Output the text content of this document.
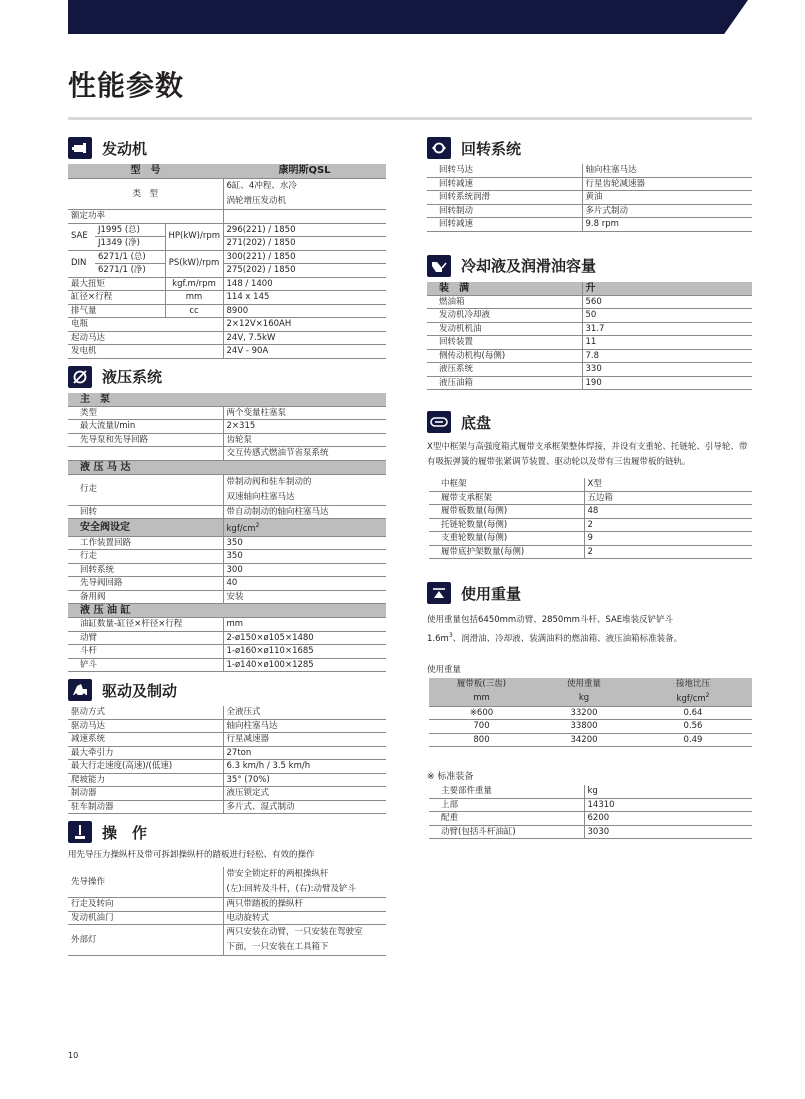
性能参数
发动机
型　号			康明斯QSL
类　型			6缸、4冲程、水冷
涡轮增压发动机

额定功率			
SAE	J1995 (总)	HP(kW)/rpm	296(221) / 1850
	J1349 (净)		271(202) / 1850
DIN	6271/1 (总)	PS(kW)/rpm	300(221) / 1850
	6271/1 (净)		275(202) / 1850
最大扭矩		kgf.m/rpm	148 / 1400
缸径×行程		mm	114 x 145
排气量		cc	8900
电瓶			2×12V×160AH
起动马达			24V, 7.5kW
发电机			24V - 90A
液压系统
主　泵	
类型	两个变量柱塞泵
最大流量l/min	2×315
先导泵和先导回路	齿轮泵
	交互传感式燃油节省泵系统
液 压 马 达	
行走	带制动阀和驻车制动的
双速轴向柱塞马达

回转	带自动制动的轴向柱塞马达
安全阀设定	kgf/$cm^2$
工作装置回路	350
行走	350
回转系统	300
先导阀回路	40
备用阀	安装
液 压 油 缸	
油缸数量-缸径×杆径×行程	mm
动臂	2-ø150×ø105×1480
斗杆	1-ø160×ø110×1685
铲斗	1-ø140×ø100×1285
驱动及制动
驱动方式	全液压式
驱动马达	轴向柱塞马达
减速系统	行星减速器
最大牵引力	27ton
最大行走速度(高速)/(低速)	6.3 km/h / 3.5 km/h
爬坡能力	35° (70%)
制动器	液压锁定式
驻车制动器	多片式、湿式制动
操　作
用先导压力操纵杆及带可拆卸操纵杆的踏板进行轻松、有效的操作
先导操作	带安全锁定杆的两根操纵杆
(左):回转及斗杆，(右):动臂及铲斗

行走及转向	两只带踏板的操纵杆
发动机油门	电动旋转式
外部灯	两只安装在动臂，一只安装在驾驶室
下面，一只安装在工具箱下
回转系统
回转马达	轴向柱塞马达
回转减速	行星齿轮减速器
回转系统润滑	黄油
回转制动	多片式制动
回转减速	9.8 rpm
冷却液及润滑油容量
装　满	升
燃油箱	560
发动机冷却液	50
发动机机油	31.7
回转装置	11
侧传动机构(每侧)	7.8
液压系统	330
液压油箱	190
底盘

X型中框架与高强度箱式履带支承框架整体焊接，并设有支重轮、托链轮、引导轮、带有吸振弹簧的履带张紧调节装置、驱动轮以及带有三齿履带板的链轨。

中框架	X型
履带支承框架	五边箱
履带板数量(每侧)	48
托链轮数量(每侧)	2
支重轮数量(每侧)	9
履带底护架数量(每侧)	2
使用重量
使用重量包括6450mm动臂、2850mm斗杆、SAE堆装反铲铲斗
$1.6m^3$、润滑油、冷却液、装满油料的燃油箱、液压油箱标准装备。
使用重量
履带板(三齿)	使用重量	接地比压
mm	kg	kgf/$cm^2$
※600	33200	0.64
700	33800	0.56
800	34200	0.49
※ 标准装备
主要部件重量	kg
上部	14310
配重	6200
动臂(包括斗杆油缸)	3030
10
